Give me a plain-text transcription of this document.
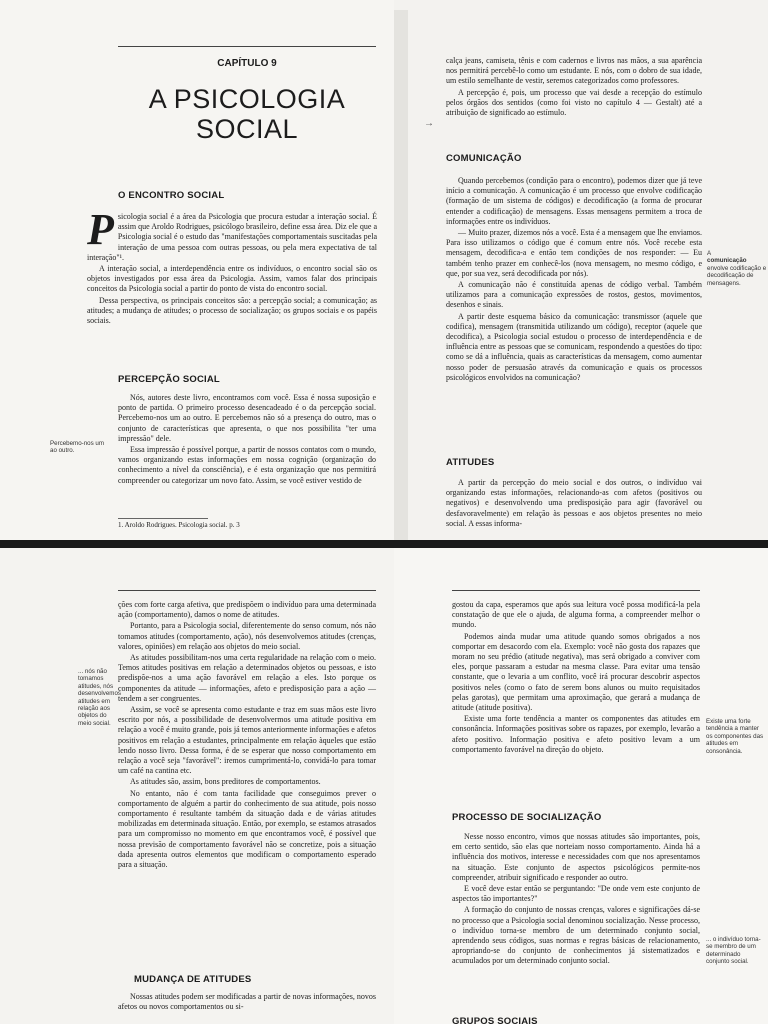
CAPÍTULO 9
A PSICOLOGIA
SOCIAL
O ENCONTRO SOCIAL

Psicologia social é a área da Psicologia que procura estudar a interação social. É assim que Aroldo Rodrigues, psicólogo brasileiro, define essa área. Diz ele que a Psicologia social é o estudo das "manifestações comportamentais suscitadas pela interação de uma pessoa com outras pessoas, ou pela mera expectativa de tal interação"¹.

A interação social, a interdependência entre os indivíduos, o encontro social são os objetos investigados por essa área da Psicologia. Assim, vamos falar dos principais conceitos da Psicologia social a partir do ponto de vista do encontro social.

Dessa perspectiva, os principais conceitos são: a percepção social; a comunicação; as atitudes; a mudança de atitudes; o processo de socialização; os grupos sociais e os papéis sociais.

PERCEPÇÃO SOCIAL

Nós, autores deste livro, encontramos com você. Essa é nossa suposição e ponto de partida. O primeiro processo desencadeado é o da percepção social. Percebemo-nos um ao outro. E percebemos não só a presença do outro, mas o conjunto de características que apresenta, o que nos possibilita "ter uma impressão" dele.

Essa impressão é possível porque, a partir de nossos contatos com o mundo, vamos organizando estas informações em nossa cognição (organização do conhecimento a nível da consciência), e é esta organização que nos permitirá compreender ou categorizar um novo fato. Assim, se você estiver vestido de

Percebemo-nos um ao outro.
1. Aroldo Rodrigues. Psicologia social. p. 3

calça jeans, camiseta, tênis e com cadernos e livros nas mãos, a sua aparência nos permitirá percebê-lo como um estudante. E nós, com o dobro de sua idade, um estilo semelhante de vestir, seremos categorizados como professores.

A percepção é, pois, um processo que vai desde a recepção do estímulo pelos órgãos dos sentidos (como foi visto no capítulo 4 — Gestalt) até a atribuição de significado ao estímulo.

→
COMUNICAÇÃO

Quando percebemos (condição para o encontro), podemos dizer que já teve início a comunicação. A comunicação é um processo que envolve codificação (formação de um sistema de códigos) e decodificação (a forma de procurar entender a codificação) de mensagens. Essas mensagens permitem a troca de informações entre os indivíduos.

— Muito prazer, dizemos nós a você. Esta é a mensagem que lhe enviamos. Para isso utilizamos o código que é comum entre nós. Você recebe esta mensagem, decodifica-a e então tem condições de nos responder: — Eu também tenho prazer em conhecê-los (nova mensagem, no mesmo código, e que, por sua vez, será decodificada por nós).

A comunicação não é constituída apenas de código verbal. Também utilizamos para a comunicação expressões de rostos, gestos, movimentos, desenhos e sinais.

A partir deste esquema básico da comunicação: transmissor (aquele que codifica), mensagem (transmitida utilizando um código), receptor (aquele que decodifica), a Psicologia social estudou o processo de interdependência e de influência entre as pessoas que se comunicam, respondendo a questões do tipo: como se dá a influência, quais as características da mensagem, como aumentar nosso poder de persuasão através da comunicação e quais os processos psicológicos envolvidos na comunicação?

A
comunicação
envolve codificação e decodificação de mensagens.
ATITUDES

A partir da percepção do meio social e dos outros, o indivíduo vai organizando estas informações, relacionando-as com afetos (positivos ou negativos) e desenvolvendo uma predisposição para agir (favorável ou desfavoravelmente) em relação às pessoas e aos objetos presentes no meio social. A essas informa-

ções com forte carga afetiva, que predispõem o indivíduo para uma determinada ação (comportamento), damos o nome de atitudes.

Portanto, para a Psicologia social, diferentemente do senso comum, nós não tomamos atitudes (comportamento, ação), nós desenvolvemos atitudes (crenças, valores, opiniões) em relação aos objetos do meio social.

As atitudes possibilitam-nos uma certa regularidade na relação com o meio. Temos atitudes positivas em relação a determinados objetos ou pessoas, e isto predispõe-nos a uma ação favorável em relação a eles. Isto porque os componentes da atitude — informações, afeto e predisposição para a ação — tendem a ser congruentes.

Assim, se você se apresenta como estudante e traz em suas mãos este livro escrito por nós, a possibilidade de desenvolvermos uma atitude positiva em relação a você é muito grande, pois já temos anteriormente informações e afetos positivos em relação a estudantes, principalmente em relação àqueles que estão lendo nosso livro. Dessa forma, é de se esperar que nosso comportamento em relação a você seja "favorável": iremos cumprimentá-lo, convidá-lo para tomar um café na cantina etc.

As atitudes são, assim, bons preditores de comportamentos.

No entanto, não é com tanta facilidade que conseguimos prever o comportamento de alguém a partir do conhecimento de sua atitude, pois nosso comportamento é resultante também da situação dada e de várias atitudes mobilizadas em determinada situação. Então, por exemplo, se estamos atrasados para um compromisso no momento em que encontramos você, é possível que nossa previsão de comportamento favorável não se concretize, pois a situação dada apresenta outros elementos que modificam o comportamento esperado para a situação.

... nós não tomamos atitudes, nós desenvolvemos atitudes em relação aos objetos do meio social.
MUDANÇA DE ATITUDES

Nossas atitudes podem ser modificadas a partir de novas informações, novos afetos ou novos comportamentos ou si-

gostou da capa, esperamos que após sua leitura você possa modificá-la pela constatação de que ele o ajuda, de alguma forma, a compreender melhor o mundo.

Podemos ainda mudar uma atitude quando somos obrigados a nos comportar em desacordo com ela. Exemplo: você não gosta dos rapazes que moram no seu prédio (atitude negativa), mas será obrigado a conviver com eles, porque passaram a estudar na mesma classe. Para evitar uma tensão constante, que o levaria a um conflito, você irá procurar descobrir aspectos positivos neles (como o fato de serem bons alunos ou muito requisitados pelas garotas), que permitam uma aproximação, que gerará a mudança de atitude (atitude positiva).

Existe uma forte tendência a manter os componentes das atitudes em consonância. Informações positivas sobre os rapazes, por exemplo, levarão a afeto positivo. Informação positiva e afeto positivo levam a um comportamento favorável na direção do objeto.

Existe uma forte tendência a manter os componentes das atitudes em consonância.
PROCESSO DE SOCIALIZAÇÃO

Nesse nosso encontro, vimos que nossas atitudes são importantes, pois, em certo sentido, são elas que norteiam nosso comportamento. Ainda há a influência dos motivos, interesse e necessidades com que nos apresentamos na situação. Este conjunto de aspectos psicológicos permite-nos compreender, atribuir significado e responder ao outro.

E você deve estar então se perguntando: "De onde vem este conjunto de aspectos tão importantes?"

A formação do conjunto de nossas crenças, valores e significações dá-se no processo que a Psicologia social denominou socialização. Nesse processo, o indivíduo torna-se membro de um determinado conjunto social, aprendendo seus códigos, suas normas e regras básicas de relacionamento, apropriando-se do conjunto de conhecimentos já sistematizados e acumulados por um determinado conjunto social.

... o indivíduo torna-se membro de um determinado conjunto social.
GRUPOS SOCIAIS
